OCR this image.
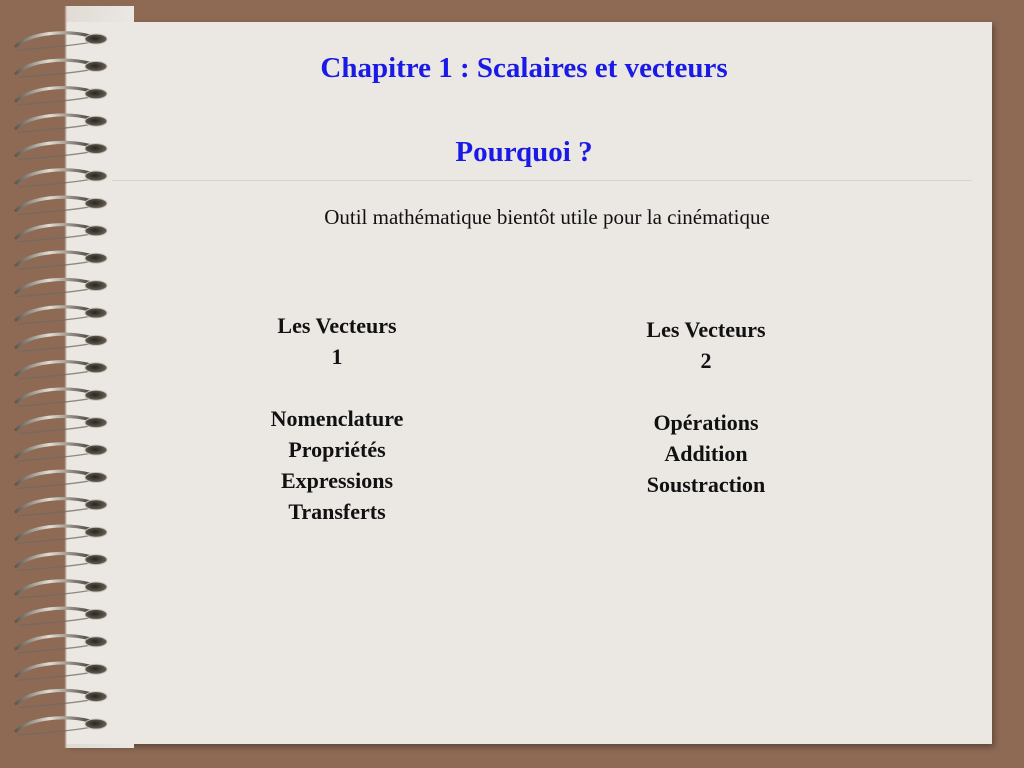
Chapitre 1 : Scalaires et vecteurs
Pourquoi ?
Outil mathématique bientôt utile pour la cinématique
Les Vecteurs
1
Nomenclature
Propriétés
Expressions
Transferts
Les Vecteurs
2
Opérations
Addition
Soustraction
